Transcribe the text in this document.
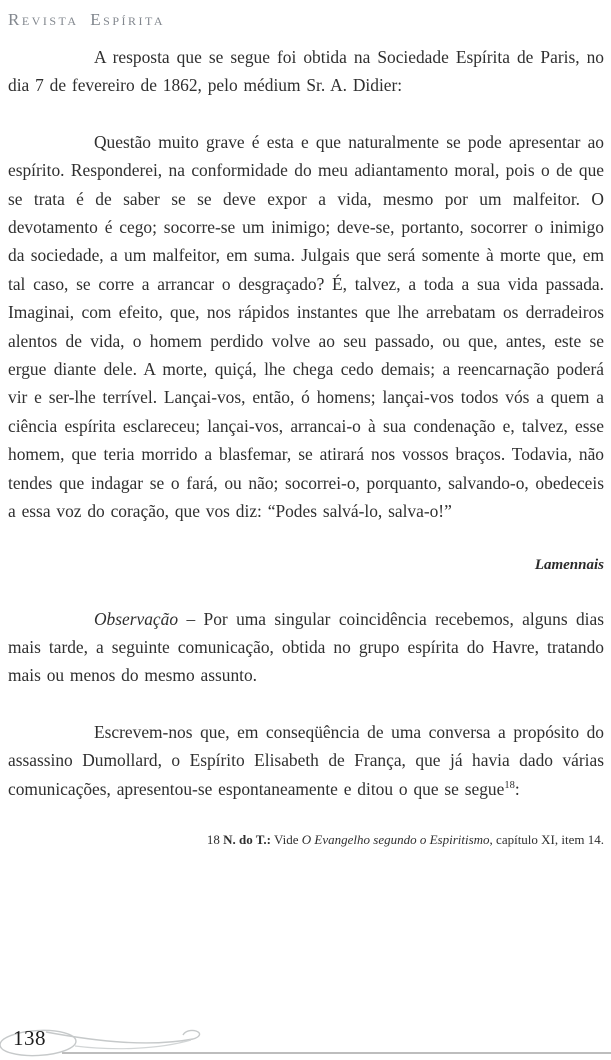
Revista Espírita

A resposta que se segue foi obtida na Sociedade Espírita de Paris, no dia 7 de fevereiro de 1862, pelo médium Sr. A. Didier:

Questão muito grave é esta e que naturalmente se pode apresentar ao espírito. Responderei, na conformidade do meu adiantamento moral, pois o de que se trata é de saber se se deve expor a vida, mesmo por um malfeitor. O devotamento é cego; socorre-se um inimigo; deve-se, portanto, socorrer o inimigo da sociedade, a um malfeitor, em suma. Julgais que será somente à morte que, em tal caso, se corre a arrancar o desgraçado? É, talvez, a toda a sua vida passada. Imaginai, com efeito, que, nos rápidos instantes que lhe arrebatam os derradeiros alentos de vida, o homem perdido volve ao seu passado, ou que, antes, este se ergue diante dele. A morte, quiçá, lhe chega cedo demais; a reencarnação poderá vir e ser-lhe terrível. Lançai-vos, então, ó homens; lançai-vos todos vós a quem a ciência espírita esclareceu; lançai-vos, arrancai-o à sua condenação e, talvez, esse homem, que teria morrido a blasfemar, se atirará nos vossos braços. Todavia, não tendes que indagar se o fará, ou não; socorrei-o, porquanto, salvando-o, obedeceis a essa voz do coração, que vos diz: “Podes salvá-lo, salva-o!”

Lamennais

Observação – Por uma singular coincidência recebemos, alguns dias mais tarde, a seguinte comunicação, obtida no grupo espírita do Havre, tratando mais ou menos do mesmo assunto.

Escrevem-nos que, em conseqüência de uma conversa a propósito do assassino Dumollard, o Espírito Elisabeth de França, que já havia dado várias comunicações, apresentou-se espontaneamente e ditou o que se segue$^{18}$:

18 N. do T.: Vide O Evangelho segundo o Espiritismo, capítulo XI, item 14.

138
